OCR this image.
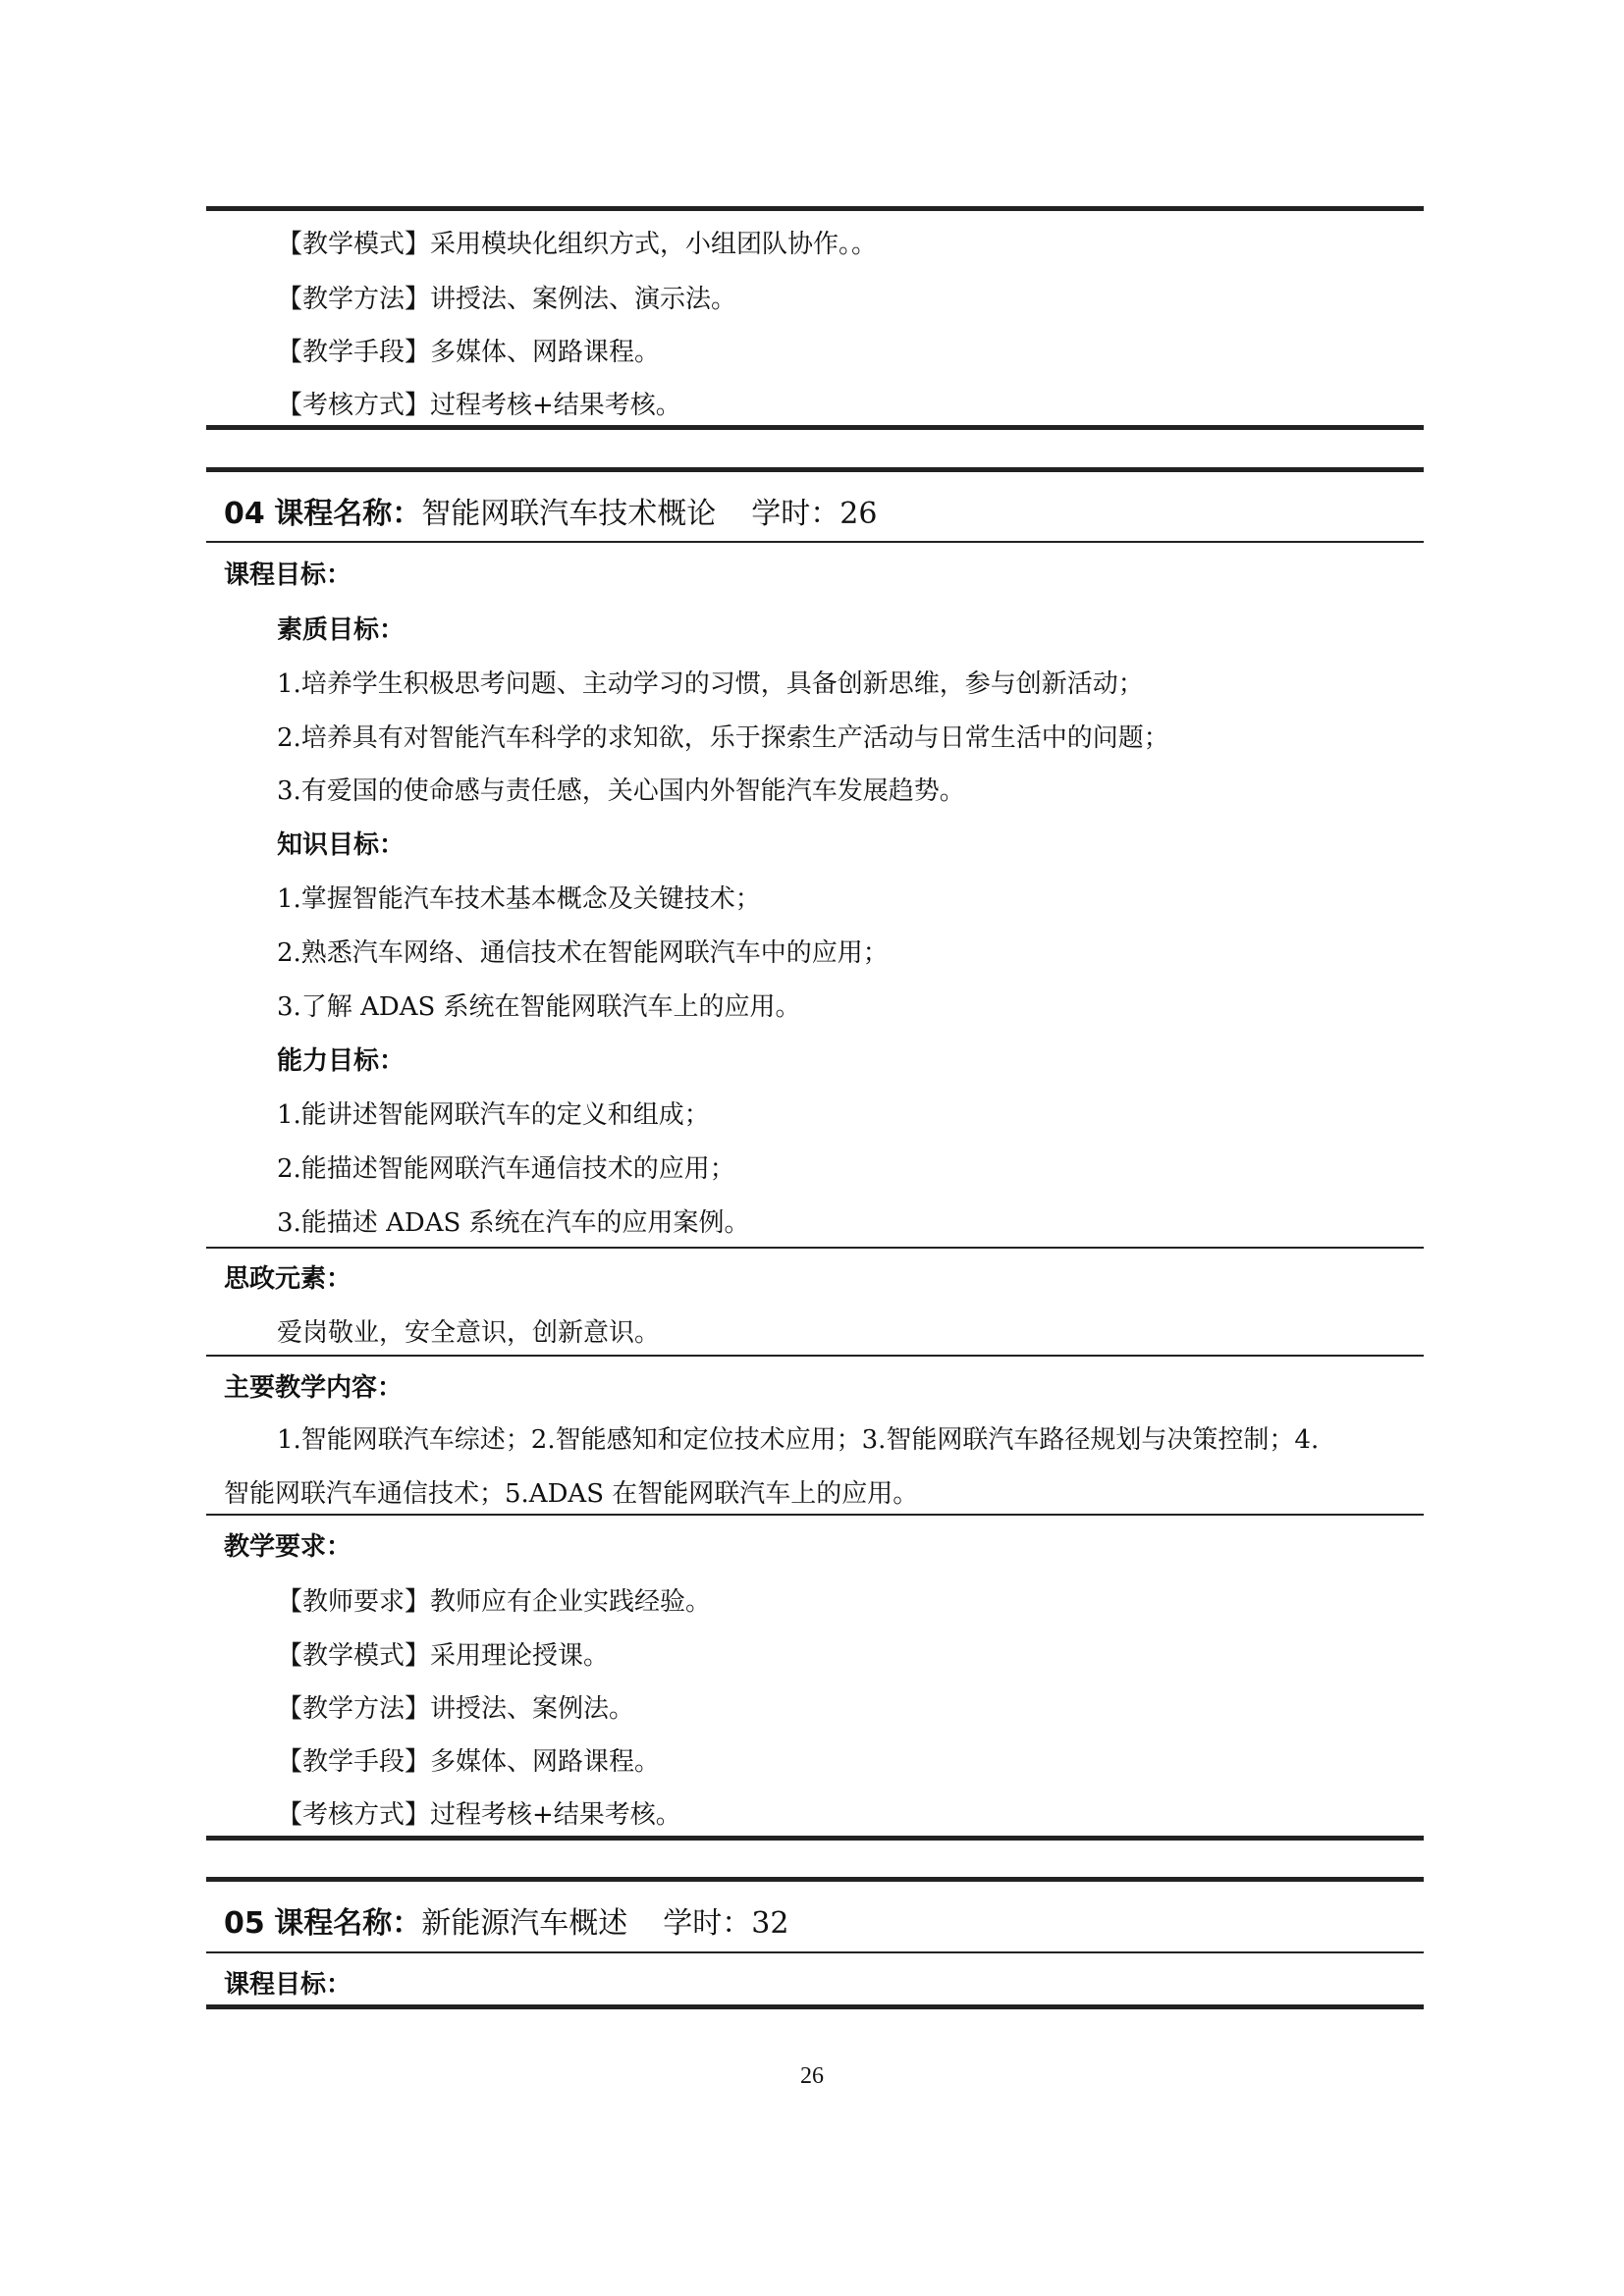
【教学模式】采用模块化组织方式，小组团队协作。。
【教学方法】讲授法、案例法、演示法。
【教学手段】多媒体、网路课程。
【考核方式】过程考核+结果考核。
04 课程名称：智能网联汽车技术概论 学时：26
课程目标：
素质目标：
1.培养学生积极思考问题、主动学习的习惯，具备创新思维，参与创新活动；
2.培养具有对智能汽车科学的求知欲，乐于探索生产活动与日常生活中的问题；
3.有爱国的使命感与责任感，关心国内外智能汽车发展趋势。
知识目标：
1.掌握智能汽车技术基本概念及关键技术；
2.熟悉汽车网络、通信技术在智能网联汽车中的应用；
3.了解 ADAS 系统在智能网联汽车上的应用。
能力目标：
1.能讲述智能网联汽车的定义和组成；
2.能描述智能网联汽车通信技术的应用；
3.能描述 ADAS 系统在汽车的应用案例。
思政元素：
爱岗敬业，安全意识，创新意识。
主要教学内容：
1.智能网联汽车综述；2.智能感知和定位技术应用；3.智能网联汽车路径规划与决策控制；4.
智能网联汽车通信技术；5.ADAS 在智能网联汽车上的应用。
教学要求：
【教师要求】教师应有企业实践经验。
【教学模式】采用理论授课。
【教学方法】讲授法、案例法。
【教学手段】多媒体、网路课程。
【考核方式】过程考核+结果考核。
05 课程名称：新能源汽车概述 学时：32
课程目标：
26
